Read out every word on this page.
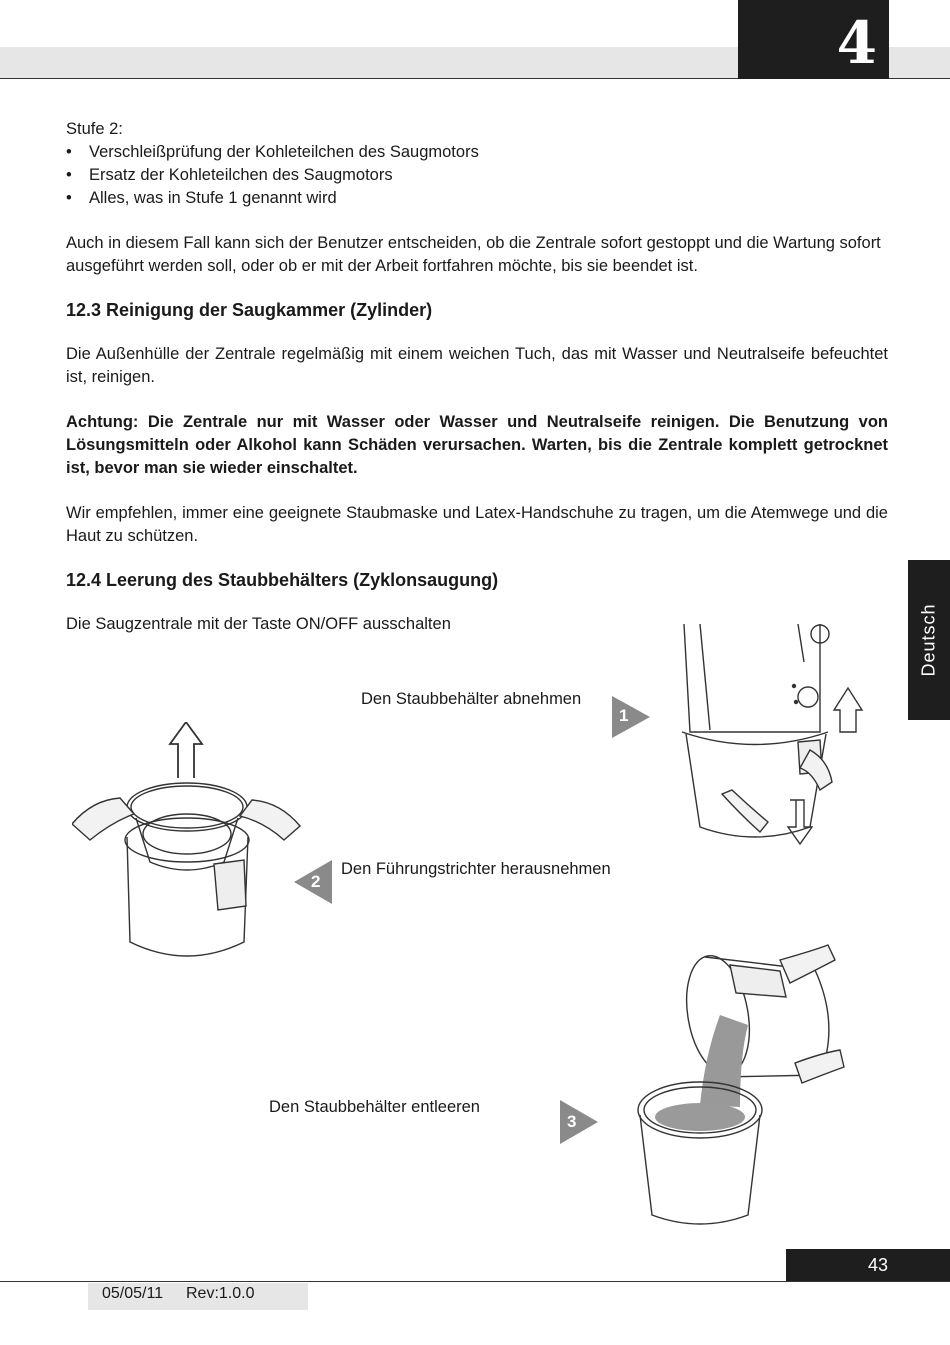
4
Deutsch

Stufe 2:

• Verschleißprüfung der Kohleteilchen des Saugmotors
• Ersatz der Kohleteilchen des Saugmotors
• Alles, was in Stufe 1 genannt wird

Auch in diesem Fall kann sich der Benutzer entscheiden, ob die Zentrale sofort gestoppt und die Wartung sofort ausgeführt werden soll, oder ob er mit der Arbeit fortfahren möchte, bis sie beendet ist.

12.3 Reinigung der Saugkammer (Zylinder)

Die Außenhülle der Zentrale regelmäßig mit einem weichen Tuch, das mit Wasser und Neutralseife befeuchtet ist, reinigen.

Achtung: Die Zentrale nur mit Wasser oder Wasser und Neutralseife reinigen. Die Benutzung von Lösungsmitteln oder Alkohol kann Schäden verursachen. Warten, bis die Zentrale komplett getrocknet ist, bevor man sie wieder einschaltet.

Wir empfehlen, immer eine geeignete Staubmaske und Latex-Handschuhe zu tragen, um die Atemwege und die Haut zu schützen.

12.4 Leerung des Staubbehälters (Zyklonsaugung)

Die Saugzentrale mit der Taste ON/OFF ausschalten

Den Staubbehälter abnehmen
1
Den Führungstrichter herausnehmen
2
Den Staubbehälter entleeren
3
43
05/05/11 Rev:1.0.0
